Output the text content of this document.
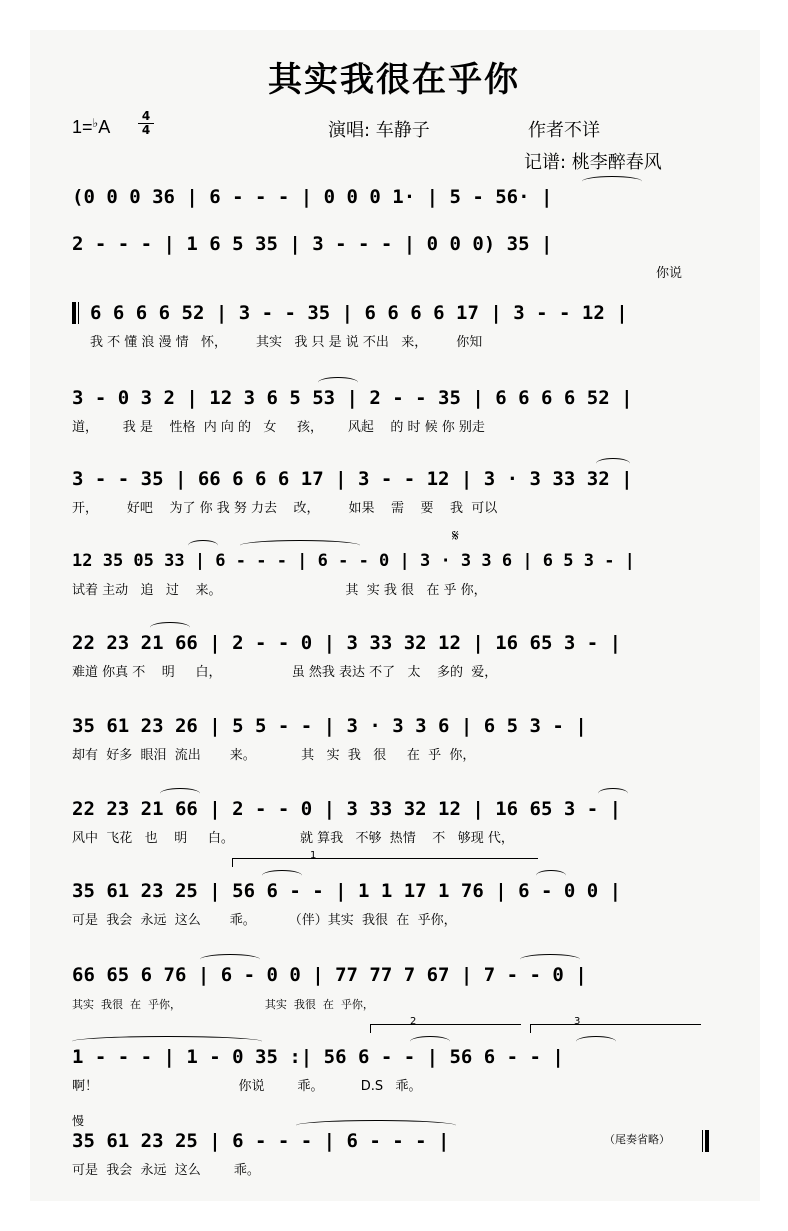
其实我很在乎你
1=♭A
4
4	演唱: 车静子	作者不详
记谱: 桃李醉春风
(0 0 0 36 | 6 - - - | 0 0 0 1· | 5 - 56· |
2 - - - | 1 6 5 35 | 3 - - - | 0 0 0) 35 |
你说
6 6 6 6 52 | 3 - - 35 | 6 6 6 6 17 | 3 - - 12 |
我 不 懂 浪 漫 情   怀，       其实   我 只 是 说 不出   来，       你知
3 - 0 3 2 | 12 3 6 5 53 | 2 - - 35 | 6 6 6 6 52 |
道，      我 是    性格  内 向 的   女     孩，      风起    的 时 候 你 别走
3 - - 35 | 66 6 6 6 17 | 3 - - 12 | 3 · 3 33 32 |
开，       好吧    为了 你 我 努 力去    改，       如果    需    要    我  可以
𝄋
12 35 05 33 | 6 - - - | 6 - - 0 | 3 · 3 3 6 | 6 5 3 - |
试着 主动   追   过    来。                              其  实 我 很   在 乎 你，
22 23 21 66 | 2 - - 0 | 3 33 32 12 | 16 65 3 - |
难道 你真 不    明     白，                 虽 然我 表达 不了   太    多的  爱，
35 61 23 26 | 5 5 - - | 3 · 3 3 6 | 6 5 3 - |
却有  好多  眼泪  流出       来。           其   实  我   很     在  乎  你，
22 23 21 66 | 2 - - 0 | 3 33 32 12 | 16 65 3 - |
风中  飞花   也    明     白。                就 算我   不够  热情    不   够现 代，
1
35 61 23 25 | 56 6 - - | 1 1 17 1 76 | 6 - 0 0 |
可是  我会  永远  这么       乖。        （伴）其实  我很  在  乎你，
66 65 6 76 | 6 - 0 0 | 77 77 7 67 | 7 - - 0 |
其实  我很  在  乎你，                        其实  我很  在  乎你，
2	3
1 - - - | 1 - 0 35 :| 56 6 - - | 56 6 - - |
啊！                                  你说        乖。         D.S   乖。
慢
35 61 23 25 | 6 - - - | 6 - - - |	（尾奏省略）
可是  我会  永远  这么        乖。
